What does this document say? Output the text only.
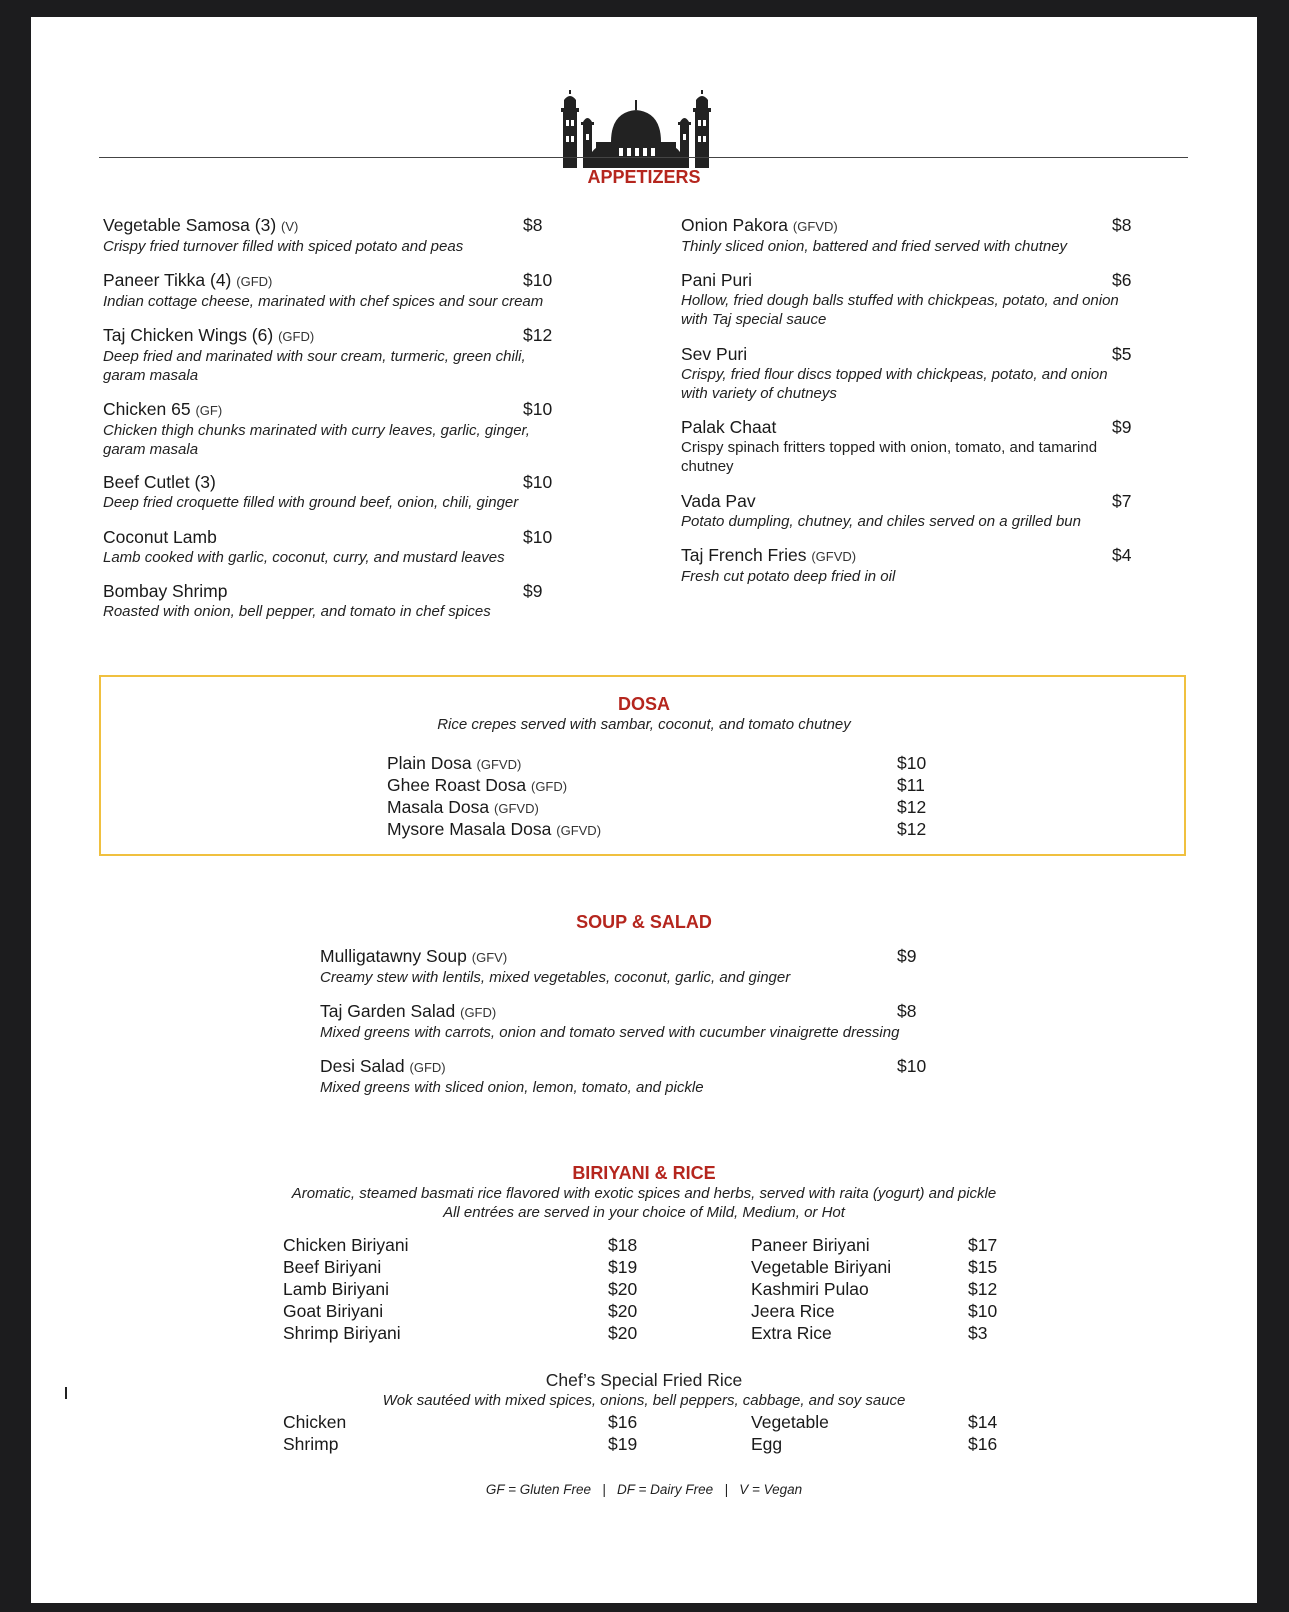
APPETIZERS
Vegetable Samosa (3) (V)
Crispy fried turnover filled with spiced potato and peas
$8
Paneer Tikka (4) (GFD)
Indian cottage cheese, marinated with chef spices and sour cream
$10
Taj Chicken Wings (6) (GFD)
Deep fried and marinated with sour cream, turmeric, green chili,
garam masala
$12
Chicken 65 (GF)
Chicken thigh chunks marinated with curry leaves, garlic, ginger,
garam masala
$10
Beef Cutlet (3)
Deep fried croquette filled with ground beef, onion, chili, ginger
$10
Coconut Lamb
Lamb cooked with garlic, coconut, curry, and mustard leaves
$10
Bombay Shrimp
Roasted with onion, bell pepper, and tomato in chef spices
$9
Onion Pakora (GFVD)
Thinly sliced onion, battered and fried served with chutney
$8
Pani Puri
Hollow, fried dough balls stuffed with chickpeas, potato, and onion
with Taj special sauce
$6
Sev Puri
Crispy, fried flour discs topped with chickpeas, potato, and onion
with variety of chutneys
$5
Palak Chaat
Crispy spinach fritters topped with onion, tomato, and tamarind
chutney
$9
Vada Pav
Potato dumpling, chutney, and chiles served on a grilled bun
$7
Taj French Fries (GFVD)
Fresh cut potato deep fried in oil
$4
DOSA
Rice crepes served with sambar, coconut, and tomato chutney
Plain Dosa (GFVD)	$10
Ghee Roast Dosa (GFD)	$11
Masala Dosa (GFVD)	$12
Mysore Masala Dosa (GFVD)	$12
SOUP & SALAD
Mulligatawny Soup (GFV)
Creamy stew with lentils, mixed vegetables, coconut, garlic, and ginger
$9
Taj Garden Salad (GFD)
Mixed greens with carrots, onion and tomato served with cucumber vinaigrette dressing
$8
Desi Salad (GFD)
Mixed greens with sliced onion, lemon, tomato, and pickle
$10
BIRIYANI & RICE
Aromatic, steamed basmati rice flavored with exotic spices and herbs, served with raita (yogurt) and pickle
All entrées are served in your choice of Mild, Medium, or Hot
Chicken Biriyani	$18
Beef Biriyani	$19
Lamb Biriyani	$20
Goat Biriyani	$20
Shrimp Biriyani	$20
Paneer Biriyani	$17
Vegetable Biriyani	$15
Kashmiri Pulao	$12
Jeera Rice	$10
Extra Rice	$3
Chef’s Special Fried Rice
Wok sautéed with mixed spices, onions, bell peppers, cabbage, and soy sauce
Chicken	$16
Shrimp	$19
Vegetable	$14
Egg	$16
GF = Gluten Free   |   DF = Dairy Free   |   V = Vegan
